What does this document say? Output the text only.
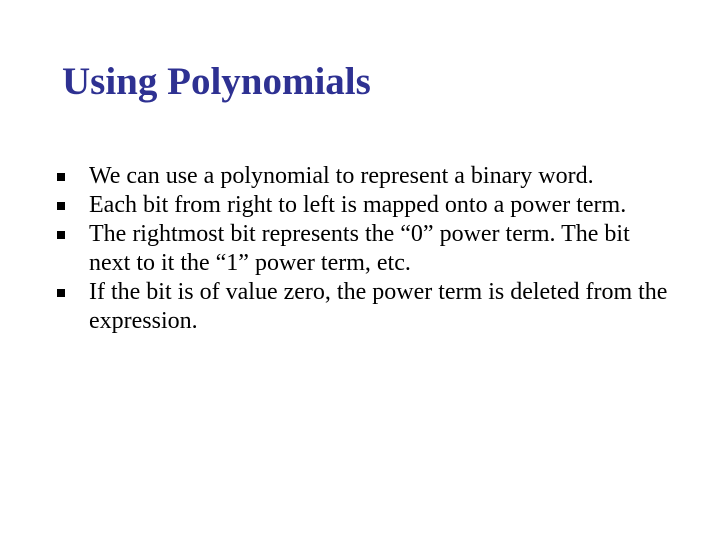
Using Polynomials
We can use a polynomial to represent a binary word.
Each bit from right to left is mapped onto a power term.
The rightmost bit represents the “0” power term. The bit next to it the “1” power term, etc.
If the bit is of value zero, the power term is deleted from the expression.
